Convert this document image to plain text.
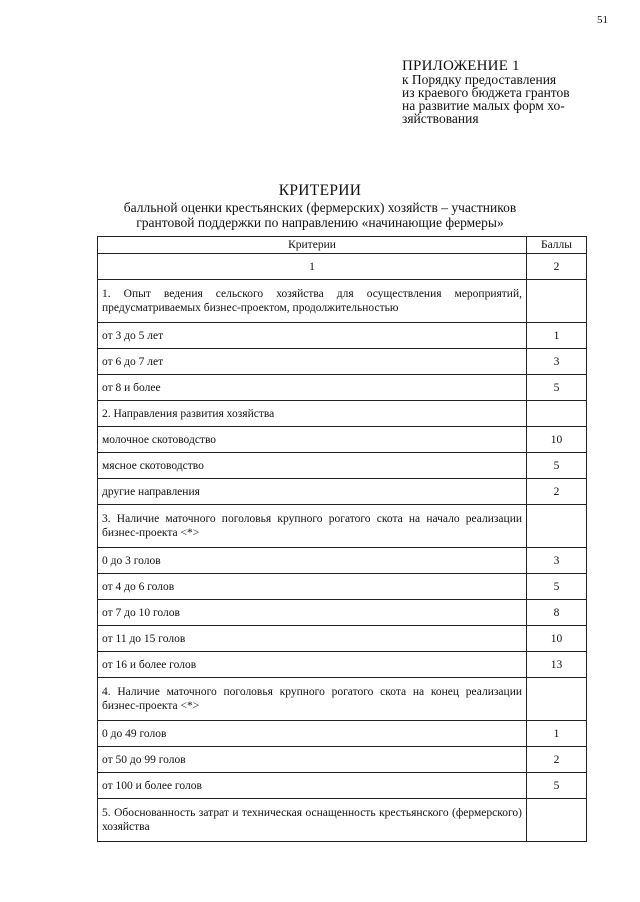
51
ПРИЛОЖЕНИЕ 1
к Порядку предоставления
из краевого бюджета грантов
на развитие малых форм хо-
зяйствования
КРИТЕРИИ
балльной оценки крестьянских (фермерских) хозяйств – участников
грантовой поддержки по направлению «начинающие фермеры»
Критерии	Баллы
1	2
1. Опыт ведения сельского хозяйства для осуществления мероприятий, предусматриваемых бизнес-проектом, продолжительностью	
от 3 до 5 лет	1
от 6 до 7 лет	3
от 8 и более	5
2. Направления развития хозяйства	
молочное скотоводство	10
мясное скотоводство	5
другие направления	2
3. Наличие маточного поголовья крупного рогатого скота на начало реализации бизнес-проекта <*>	
0 до 3 голов	3
от 4 до 6 голов	5
от 7 до 10 голов	8
от 11 до 15 голов	10
от 16 и более голов	13
4. Наличие маточного поголовья крупного рогатого скота на конец реализации бизнес-проекта <*>	
0 до 49 голов	1
от 50 до 99 голов	2
от 100 и более голов	5
5. Обоснованность затрат и техническая оснащенность крестьянского (фермерского) хозяйства	
